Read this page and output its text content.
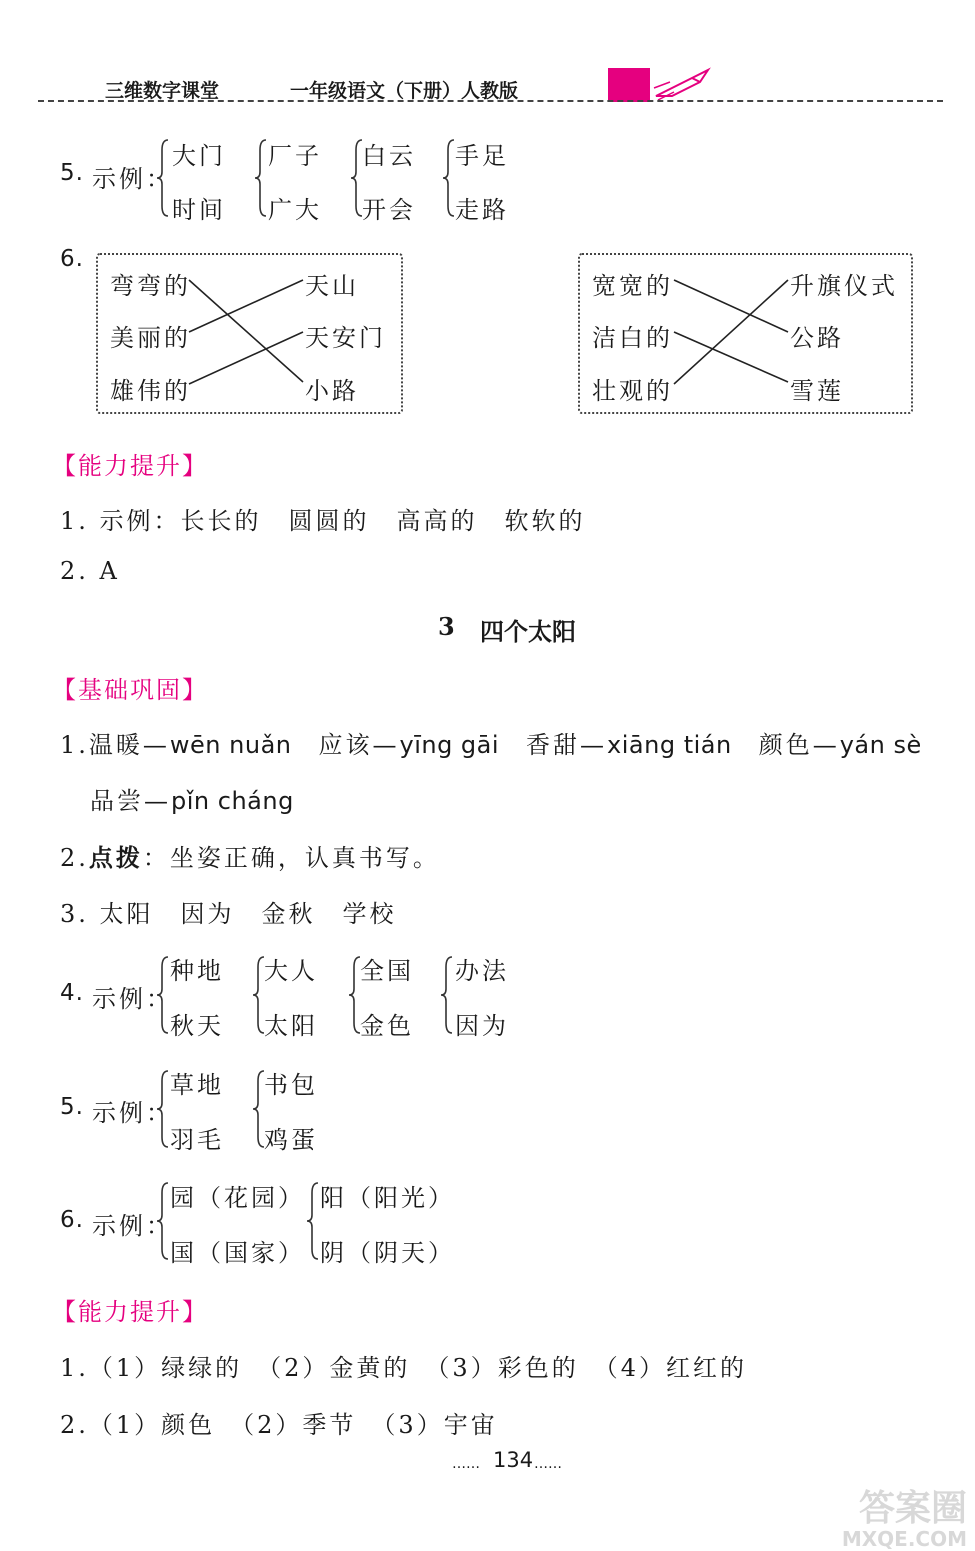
三维数字课堂	一年级语文（下册）人教版
5. 示例：
大门
时间
厂子
广大
白云
开会
手足
走路
6.
弯弯的
美丽的
雄伟的
天山
天安门
小路
宽宽的
洁白的
壮观的
升旗仪式
公路
雪莲
【能力提升】
1. 示例：长长的　圆圆的　高高的　软软的
2. A
3 四个太阳
【基础巩固】
1.温暖—wēn nuǎn　 应该—yīng gāi　 香甜—xiāng tián　 颜色—yán sè
品尝—pǐn cháng
2.点拨：坐姿正确，认真书写。
3. 太阳　因为　金秋　学校
4. 示例：
种地
秋天
大人
太阳
全国
金色
办法
因为
5. 示例：
草地
羽毛
书包
鸡蛋
6. 示例：
园（花园）
国（国家）
阳（阳光）
阴（阴天）
【能力提升】
1.（1）绿绿的　（2）金黄的　（3）彩色的　（4）红红的
2.（1）颜色　（2）季节　（3）宇宙
…… 134 ……
答案圈
MXQE.COM
